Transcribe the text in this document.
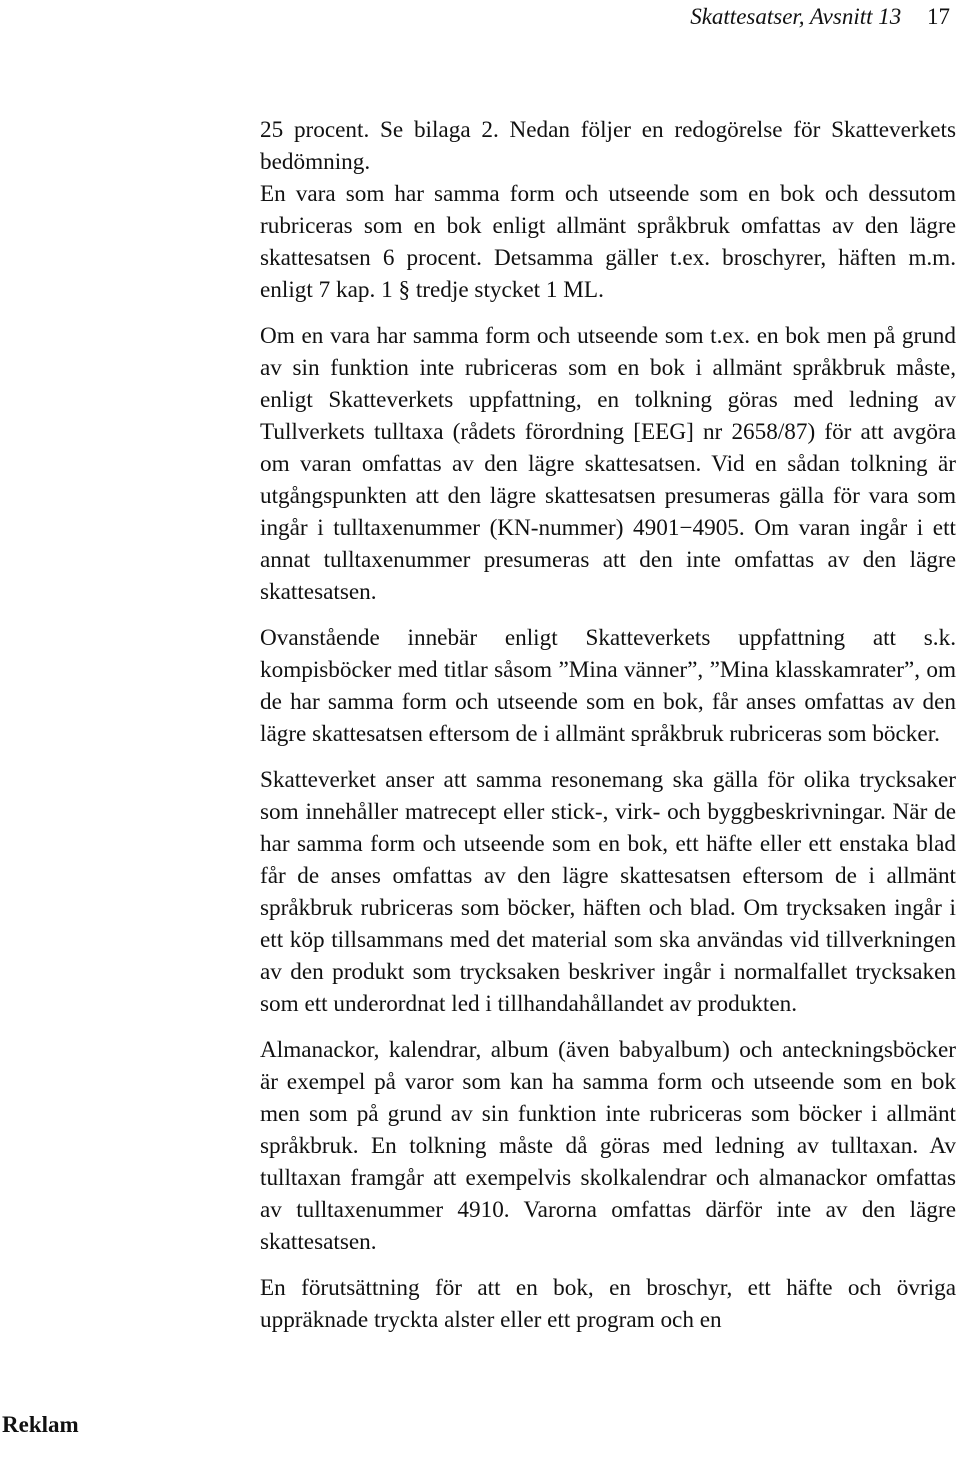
Skattesatser, Avsnitt 13 17

25 procent. Se bilaga 2. Nedan följer en redogörelse för Skatteverkets bedömning.

En vara som har samma form och utseende som en bok och dessutom rubriceras som en bok enligt allmänt språkbruk omfattas av den lägre skattesatsen 6 procent. Detsamma gäller t.ex. broschyrer, häften m.m. enligt 7 kap. 1 § tredje stycket 1 ML.

Om en vara har samma form och utseende som t.ex. en bok men på grund av sin funktion inte rubriceras som en bok i allmänt språkbruk måste, enligt Skatteverkets uppfattning, en tolkning göras med ledning av Tullverkets tulltaxa (rådets förordning [EEG] nr 2658/87) för att avgöra om varan omfattas av den lägre skattesatsen. Vid en sådan tolkning är utgångspunkten att den lägre skattesatsen presumeras gälla för vara som ingår i tulltaxenummer (KN-nummer) 4901−4905. Om varan ingår i ett annat tulltaxenummer presumeras att den inte omfattas av den lägre skattesatsen.

Ovanstående innebär enligt Skatteverkets uppfattning att s.k. kompisböcker med titlar såsom ”Mina vänner”, ”Mina klasskamrater”, om de har samma form och utseende som en bok, får anses omfattas av den lägre skattesatsen eftersom de i allmänt språkbruk rubriceras som böcker.

Skatteverket anser att samma resonemang ska gälla för olika trycksaker som innehåller matrecept eller stick-, virk- och byggbeskrivningar. När de har samma form och utseende som en bok, ett häfte eller ett enstaka blad får de anses omfattas av den lägre skattesatsen eftersom de i allmänt språkbruk rubriceras som böcker, häften och blad. Om trycksaken ingår i ett köp tillsammans med det material som ska användas vid tillverkningen av den produkt som trycksaken beskriver ingår i normalfallet trycksaken som ett underordnat led i tillhandahållandet av produkten.

Almanackor, kalendrar, album (även babyalbum) och anteckningsböcker är exempel på varor som kan ha samma form och utseende som en bok men som på grund av sin funktion inte rubriceras som böcker i allmänt språkbruk. En tolkning måste då göras med ledning av tulltaxan. Av tulltaxan framgår att exempelvis skolkalendrar och almanackor omfattas av tulltaxenummer 4910. Varorna omfattas därför inte av den lägre skattesatsen.

En förutsättning för att en bok, en broschyr, ett häfte och övriga uppräknade tryckta alster eller ett program och en

Reklam
